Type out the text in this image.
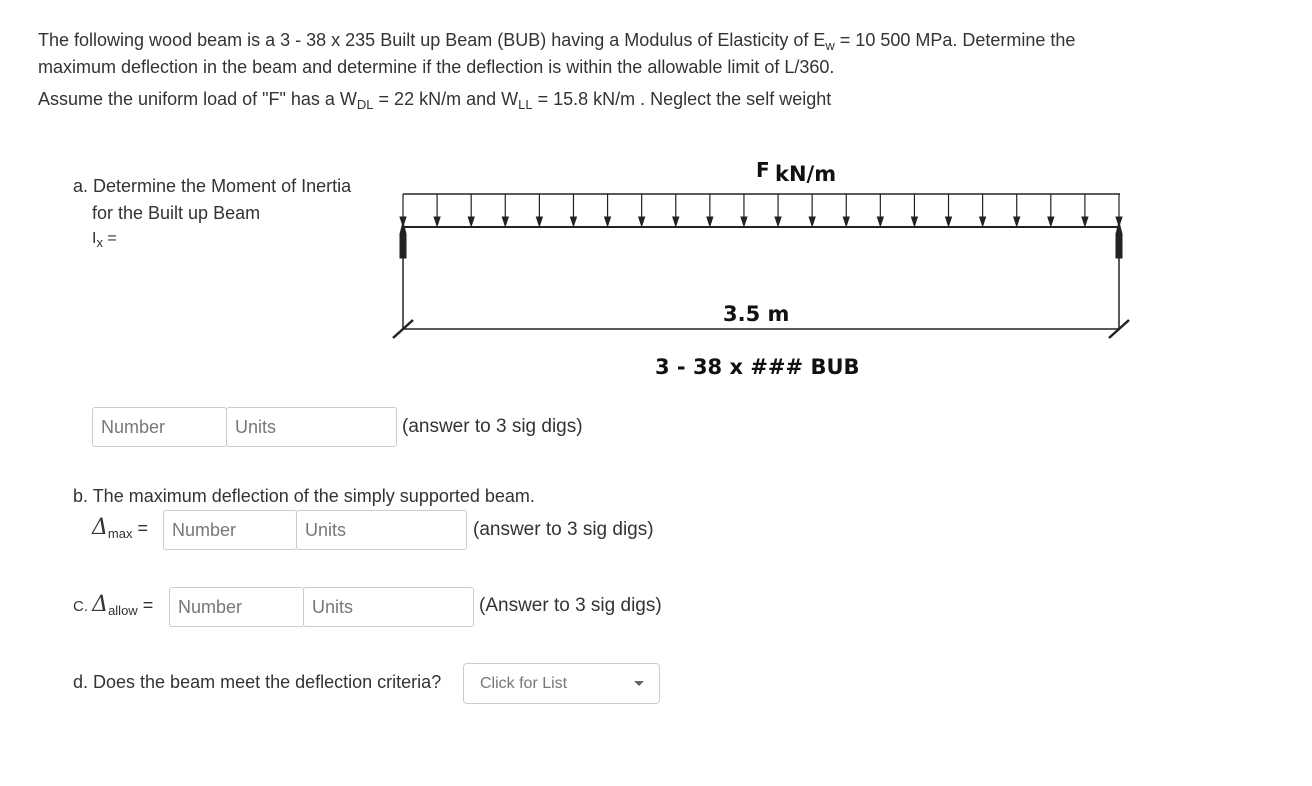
The following wood beam is a 3 - 38 x 235 Built up Beam (BUB) having a Modulus of Elasticity of $E_w = 10$ 500 MPa. Determine the
maximum deflection in the beam and determine if the deflection is within the allowable limit of L/360.
Assume the uniform load of "F" has a $W_{DL} = 22$ kN/m and $W_{LL} = 15.8$ kN/m . Neglect the self weight
a. Determine the Moment of Inertia
for the Built up Beam
$I_x$ =
Number	Units	(answer to 3 sig digs)
b. The maximum deflection of the simply supported beam.
$\Delta_{max}$ =	Number	Units	(answer to 3 sig digs)
C. $\Delta_{allow}$ =	Number	Units	(Answer to 3 sig digs)
d. Does the beam meet the deflection criteria?	Click for List
F kN/m
3.5 m
3 - 38 x ### BUB
